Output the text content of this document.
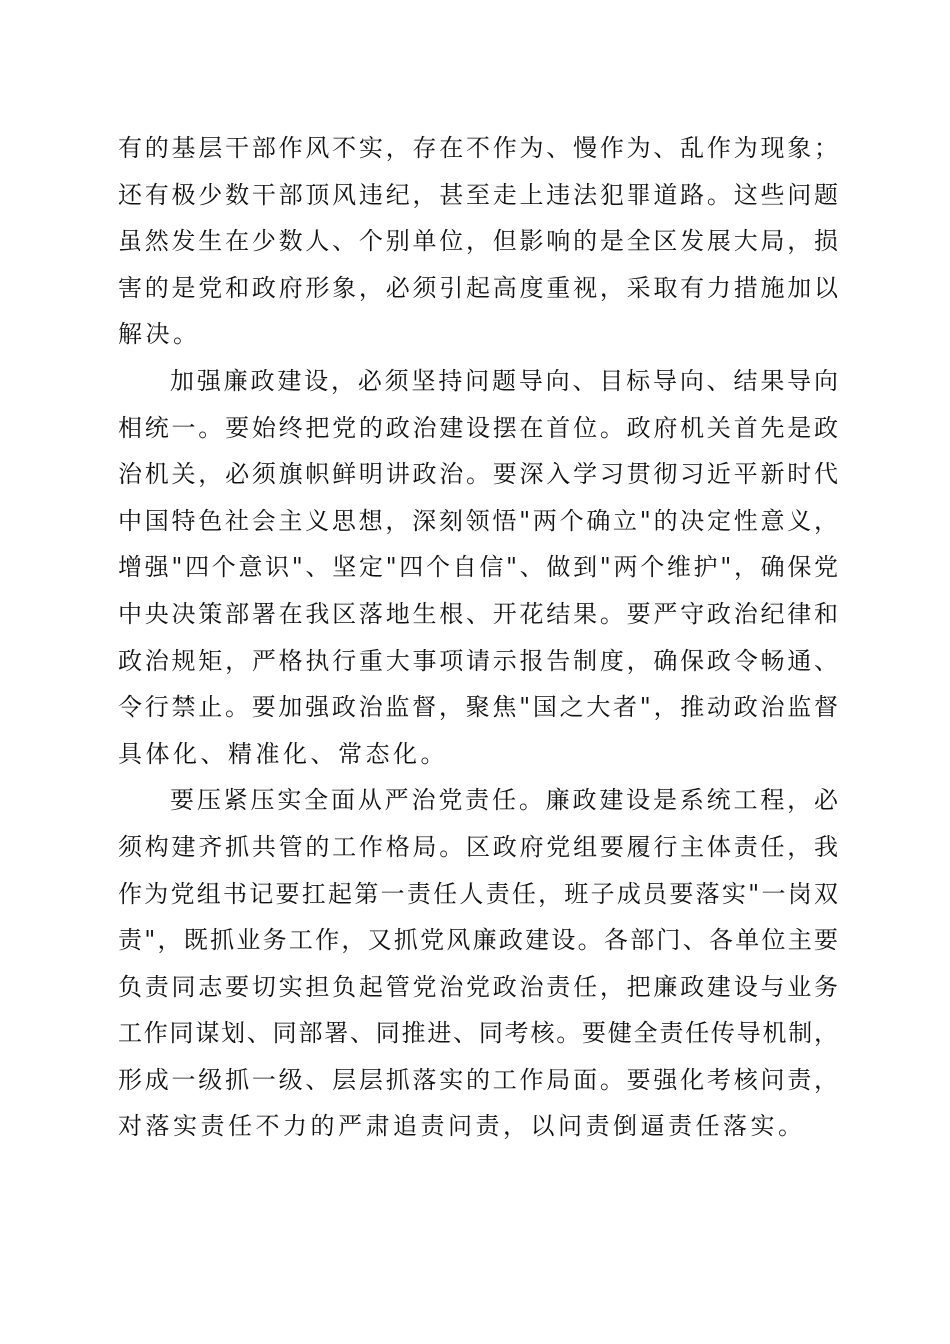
有的基层干部作风不实，存在不作为、慢作为、乱作为现象；
还有极少数干部顶风违纪，甚至走上违法犯罪道路。这些问题
虽然发生在少数人、个别单位，但影响的是全区发展大局，损
害的是党和政府形象，必须引起高度重视，采取有力措施加以
解决。
加强廉政建设，必须坚持问题导向、目标导向、结果导向
相统一。要始终把党的政治建设摆在首位。政府机关首先是政
治机关，必须旗帜鲜明讲政治。要深入学习贯彻习近平新时代
中国特色社会主义思想，深刻领悟"两个确立"的决定性意义，
增强"四个意识"、坚定"四个自信"、做到"两个维护"，确保党
中央决策部署在我区落地生根、开花结果。要严守政治纪律和
政治规矩，严格执行重大事项请示报告制度，确保政令畅通、
令行禁止。要加强政治监督，聚焦"国之大者"，推动政治监督
具体化、精准化、常态化。
要压紧压实全面从严治党责任。廉政建设是系统工程，必
须构建齐抓共管的工作格局。区政府党组要履行主体责任，我
作为党组书记要扛起第一责任人责任，班子成员要落实"一岗双
责"，既抓业务工作，又抓党风廉政建设。各部门、各单位主要
负责同志要切实担负起管党治党政治责任，把廉政建设与业务
工作同谋划、同部署、同推进、同考核。要健全责任传导机制，
形成一级抓一级、层层抓落实的工作局面。要强化考核问责，
对落实责任不力的严肃追责问责，以问责倒逼责任落实。
